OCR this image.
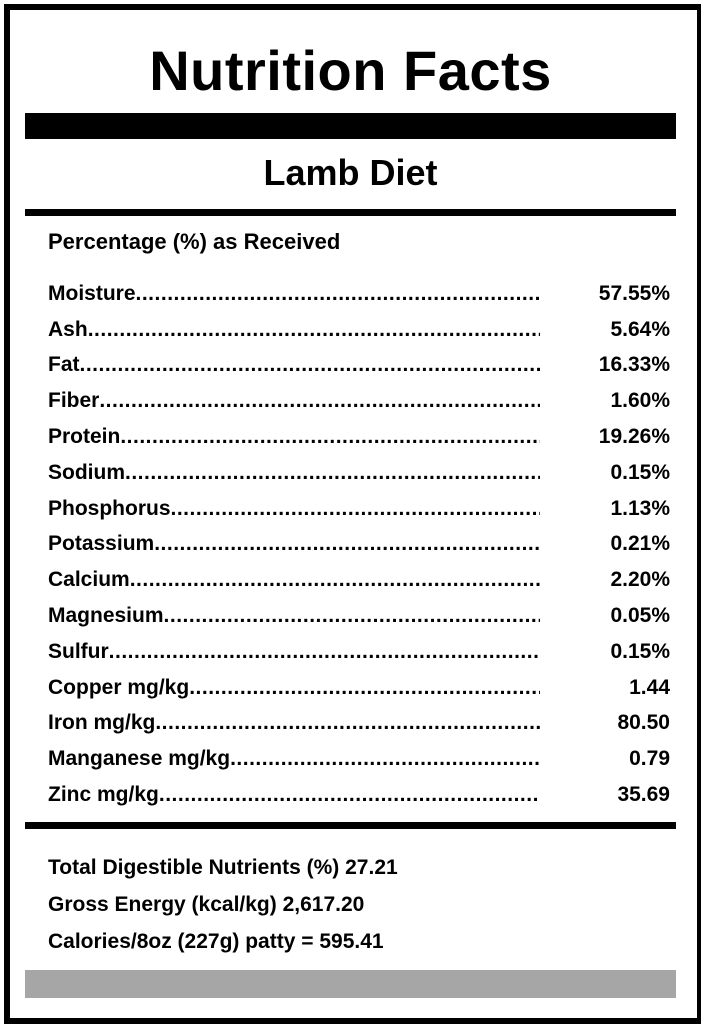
Nutrition Facts
Lamb Diet
Percentage (%) as Received
Moisture .....	57.55%
Ash .....	5.64%
Fat .....	16.33%
Fiber .....	1.60%
Protein .....	19.26%
Sodium .....	0.15%
Phosphorus .....	1.13%
Potassium .....	0.21%
Calcium .....	2.20%
Magnesium .....	0.05%
Sulfur .....	0.15%
Copper mg/kg .....	1.44
Iron mg/kg .....	80.50
Manganese mg/kg .....	0.79
Zinc mg/kg .....	35.69
Total Digestible Nutrients (%) 27.21
Gross Energy (kcal/kg) 2,617.20
Calories/8oz (227g) patty = 595.41
